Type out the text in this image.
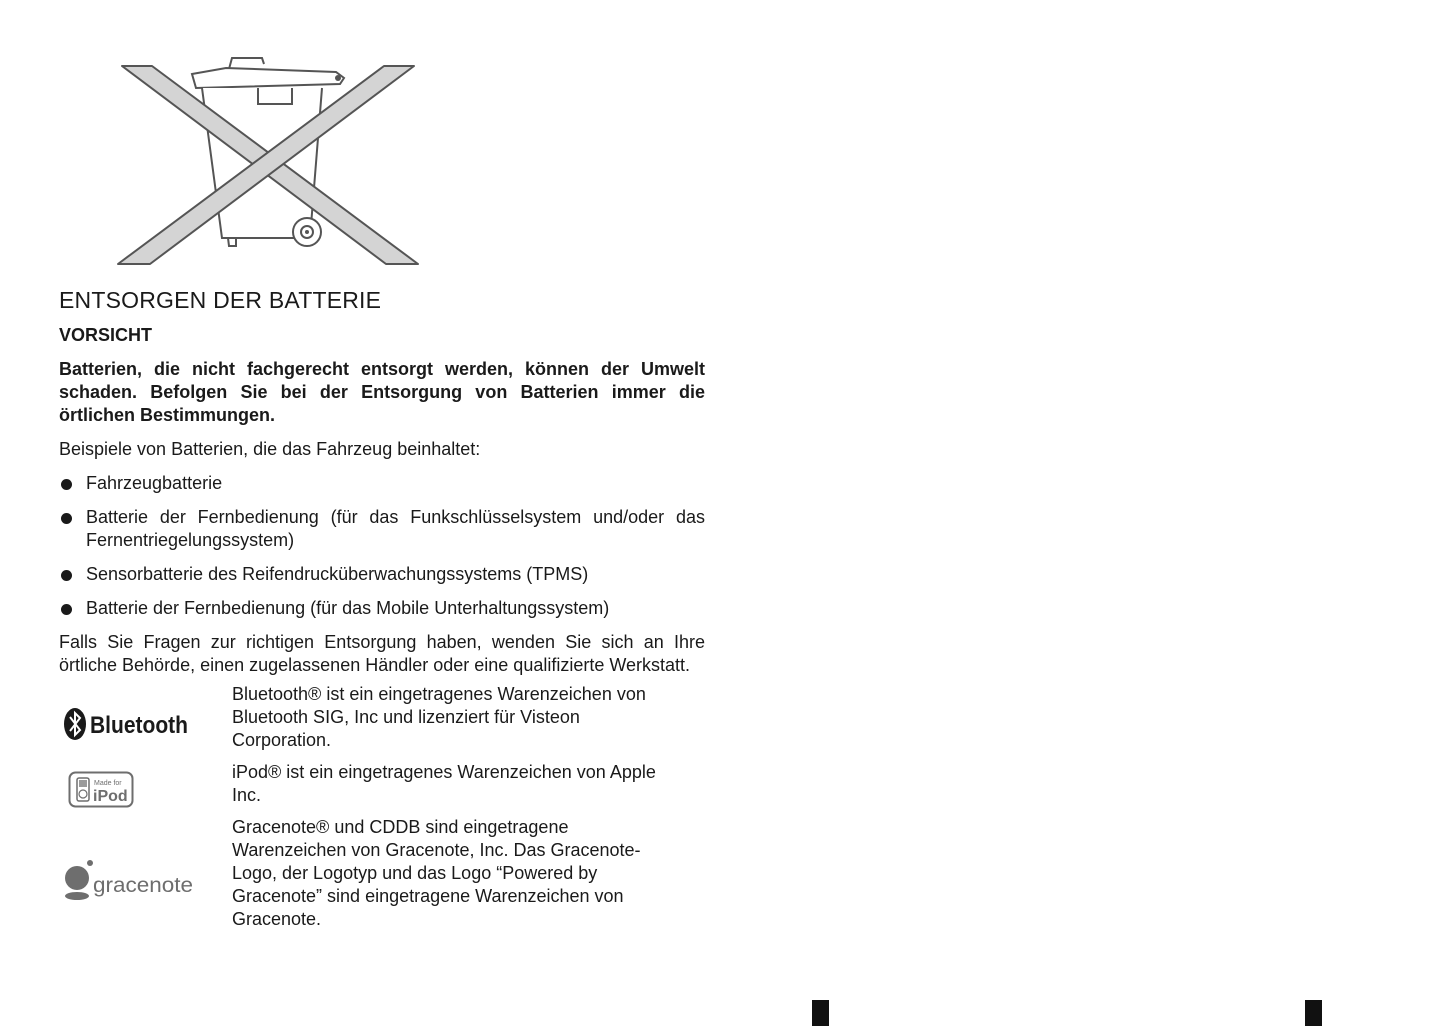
ENTSORGEN DER BATTERIE
VORSICHT

Batterien, die nicht fachgerecht entsorgt werden, können der Umwelt schaden. Befolgen Sie bei der Entsorgung von Batterien immer die örtlichen Bestimmungen.

Beispiele von Batterien, die das Fahrzeug beinhaltet:

Fahrzeugbatterie
Batterie der Fernbedienung (für das Funkschlüsselsystem und/oder das Fernentriegelungssystem)
Sensorbatterie des Reifendrucküberwachungssystems (TPMS)
Batterie der Fernbedienung (für das Mobile Unterhaltungssystem)

Falls Sie Fragen zur richtigen Entsorgung haben, wenden Sie sich an Ihre örtliche Behörde, einen zugelassenen Händler oder eine qualifizierte Werkstatt.

Bluetooth

Bluetooth® ist ein eingetragenes Warenzeichen von Bluetooth SIG, Inc und lizenziert für Visteon Corporation.

Made for
iPod

iPod® ist ein eingetragenes Warenzeichen von Apple Inc.

gracenote

Gracenote® und CDDB sind eingetragene Warenzeichen von Gracenote, Inc. Das Gracenote-Logo, der Logotyp und das Logo “Powered by Gracenote” sind eingetragene Warenzeichen von Gracenote.
